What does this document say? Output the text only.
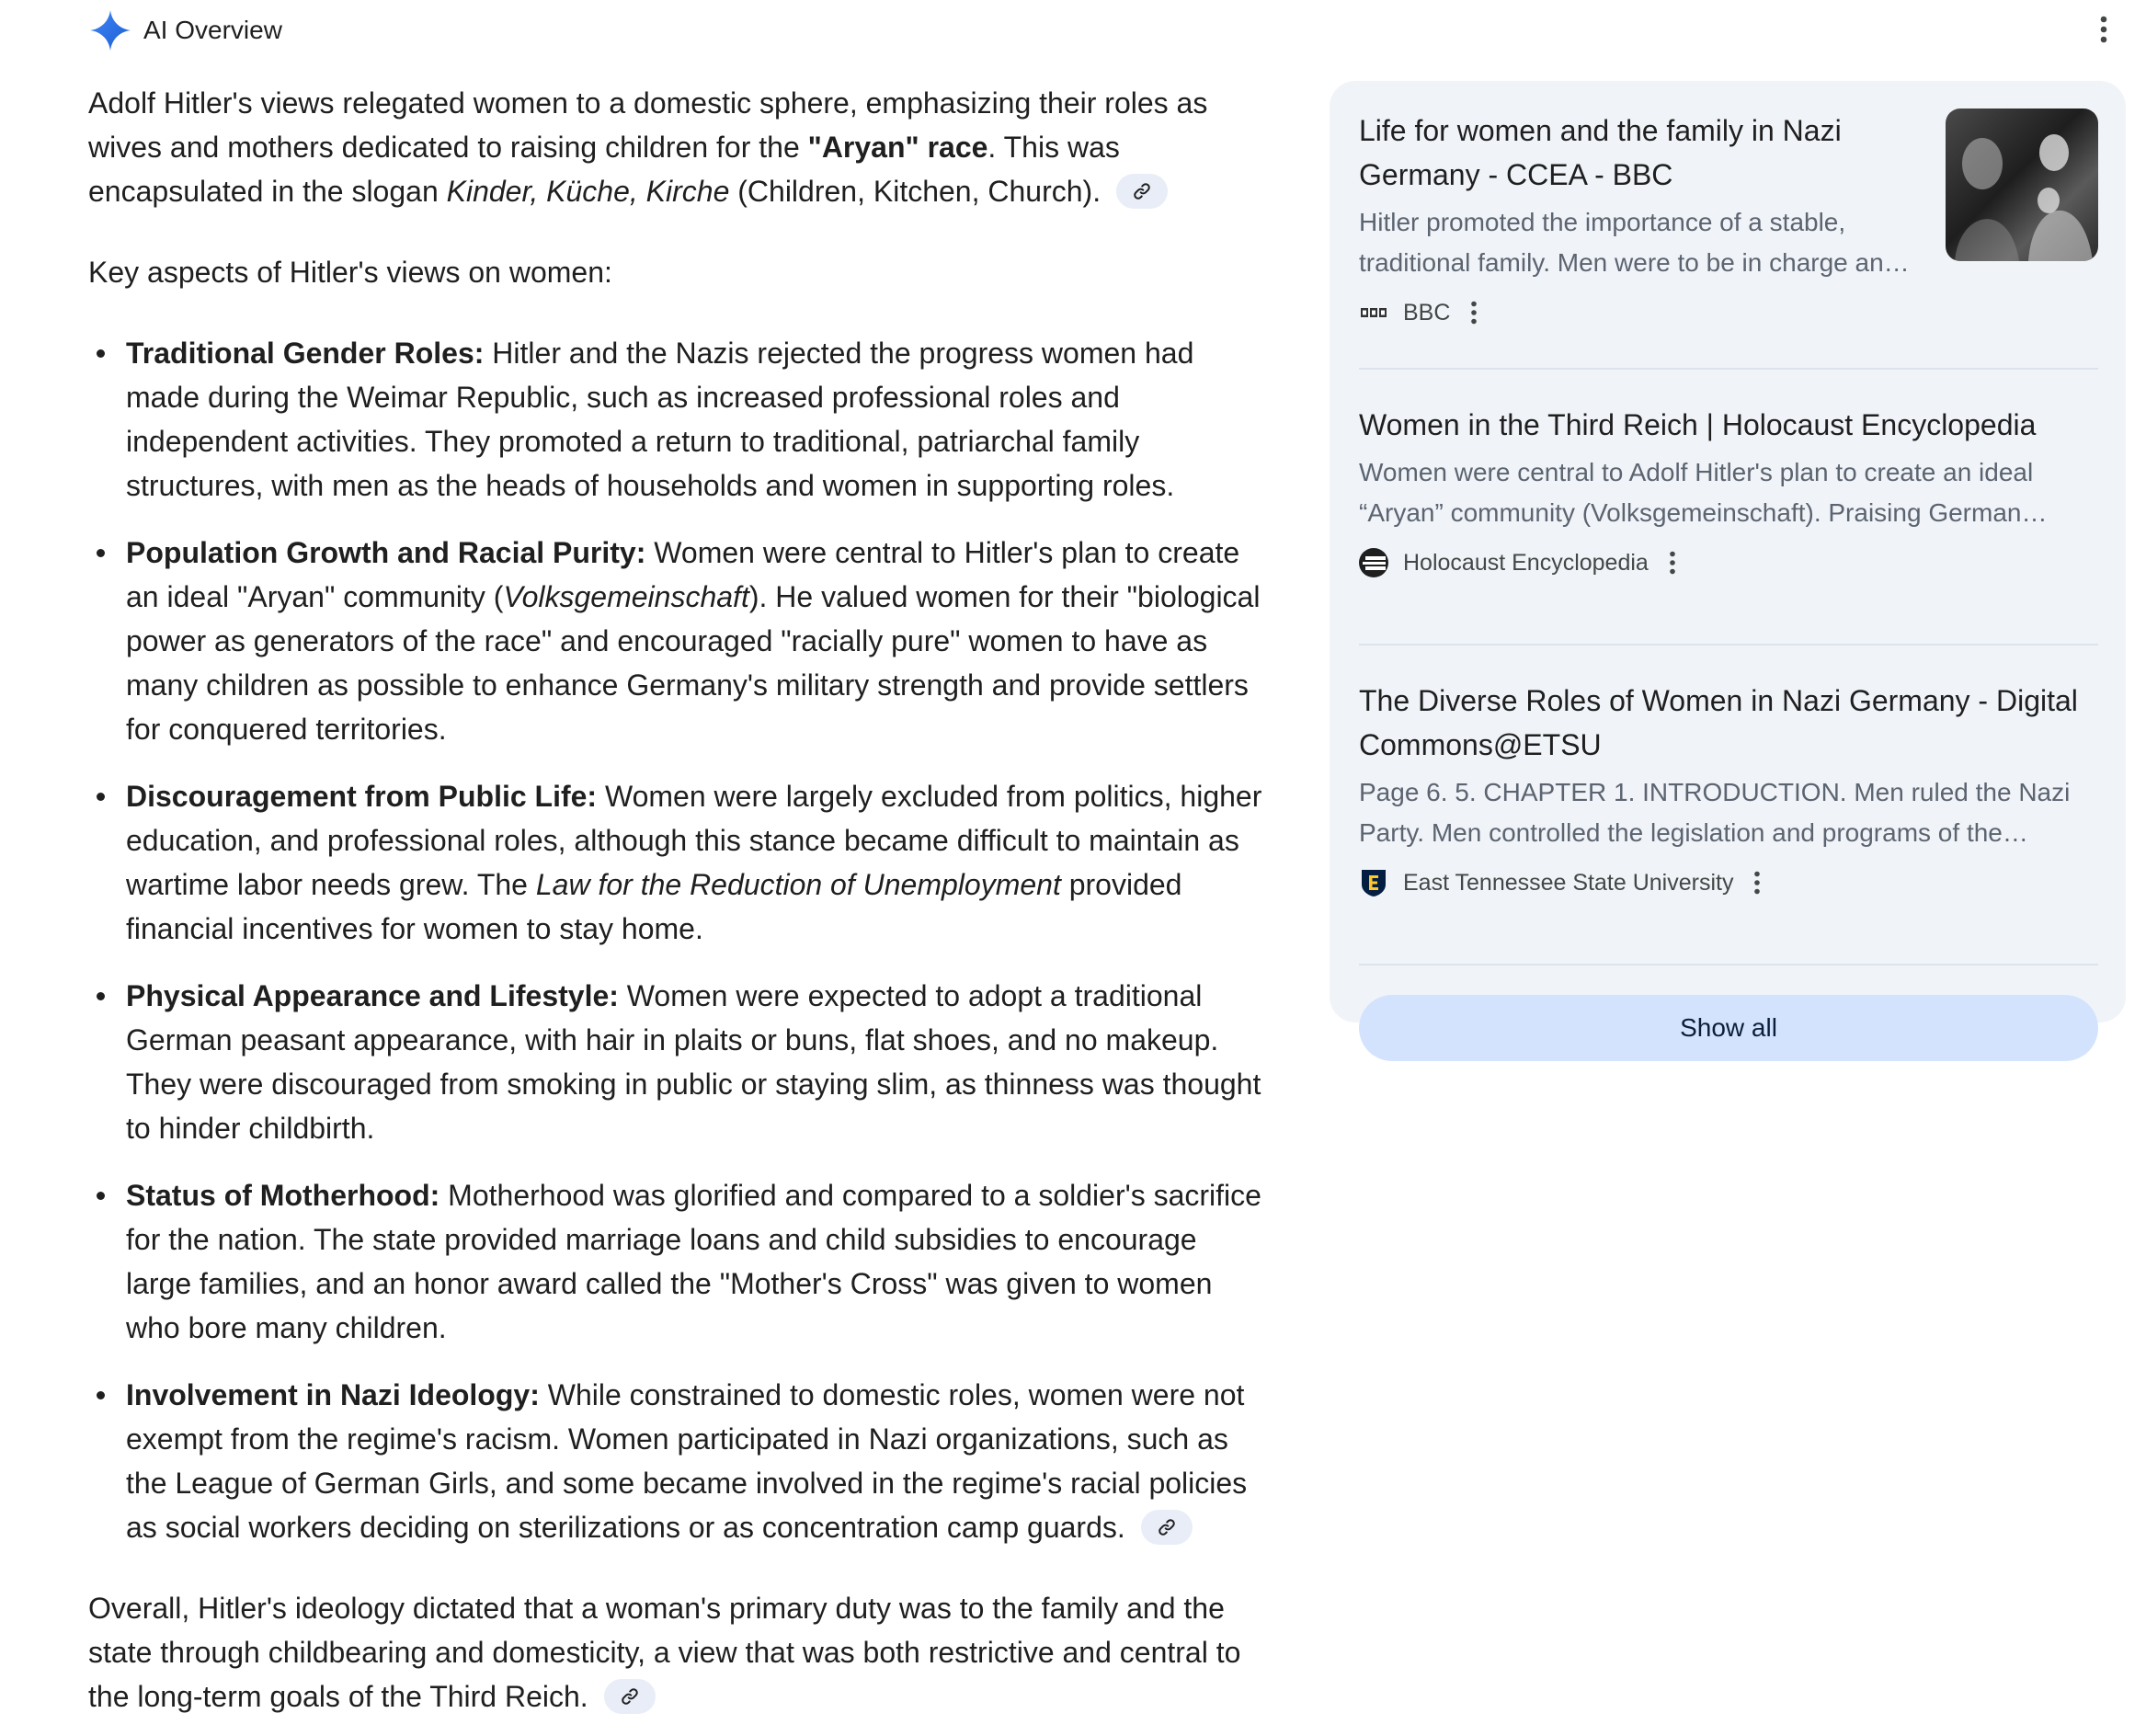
AI Overview

Adolf Hitler's views relegated women to a domestic sphere, emphasizing their roles as wives and mothers dedicated to raising children for the "Aryan" race. This was encapsulated in the slogan Kinder, Küche, Kirche (Children, Kitchen, Church).

Key aspects of Hitler's views on women:

Traditional Gender Roles: Hitler and the Nazis rejected the progress women had made during the Weimar Republic, such as increased professional roles and independent activities. They promoted a return to traditional, patriarchal family structures, with men as the heads of households and women in supporting roles.
Population Growth and Racial Purity: Women were central to Hitler's plan to create an ideal "Aryan" community (Volksgemeinschaft). He valued women for their "biological power as generators of the race" and encouraged "racially pure" women to have as many children as possible to enhance Germany's military strength and provide settlers for conquered territories.
Discouragement from Public Life: Women were largely excluded from politics, higher education, and professional roles, although this stance became difficult to maintain as wartime labor needs grew. The Law for the Reduction of Unemployment provided financial incentives for women to stay home.
Physical Appearance and Lifestyle: Women were expected to adopt a traditional German peasant appearance, with hair in plaits or buns, flat shoes, and no makeup. They were discouraged from smoking in public or staying slim, as thinness was thought to hinder childbirth.
Status of Motherhood: Motherhood was glorified and compared to a soldier's sacrifice for the nation. The state provided marriage loans and child subsidies to encourage large families, and an honor award called the "Mother's Cross" was given to women who bore many children.
Involvement in Nazi Ideology: While constrained to domestic roles, women were not exempt from the regime's racism. Women participated in Nazi organizations, such as the League of German Girls, and some became involved in the regime's racial policies as social workers deciding on sterilizations or as concentration camp guards.

Overall, Hitler's ideology dictated that a woman's primary duty was to the family and the state through childbearing and domesticity, a view that was both restrictive and central to the long-term goals of the Third Reich.

Life for women and the family in Nazi Germany - CCEA - BBC
Hitler promoted the importance of a stable, traditional family. Men were to be in charge an…
BBC
Women in the Third Reich | Holocaust Encyclopedia
Women were central to Adolf Hitler's plan to create an ideal “Aryan” community (Volksgemeinschaft). Praising German…
Holocaust Encyclopedia
The Diverse Roles of Women in Nazi Germany - Digital Commons@ETSU
Page 6. 5. CHAPTER 1. INTRODUCTION. Men ruled the Nazi Party. Men controlled the legislation and programs of the…
East Tennessee State University
Show all
